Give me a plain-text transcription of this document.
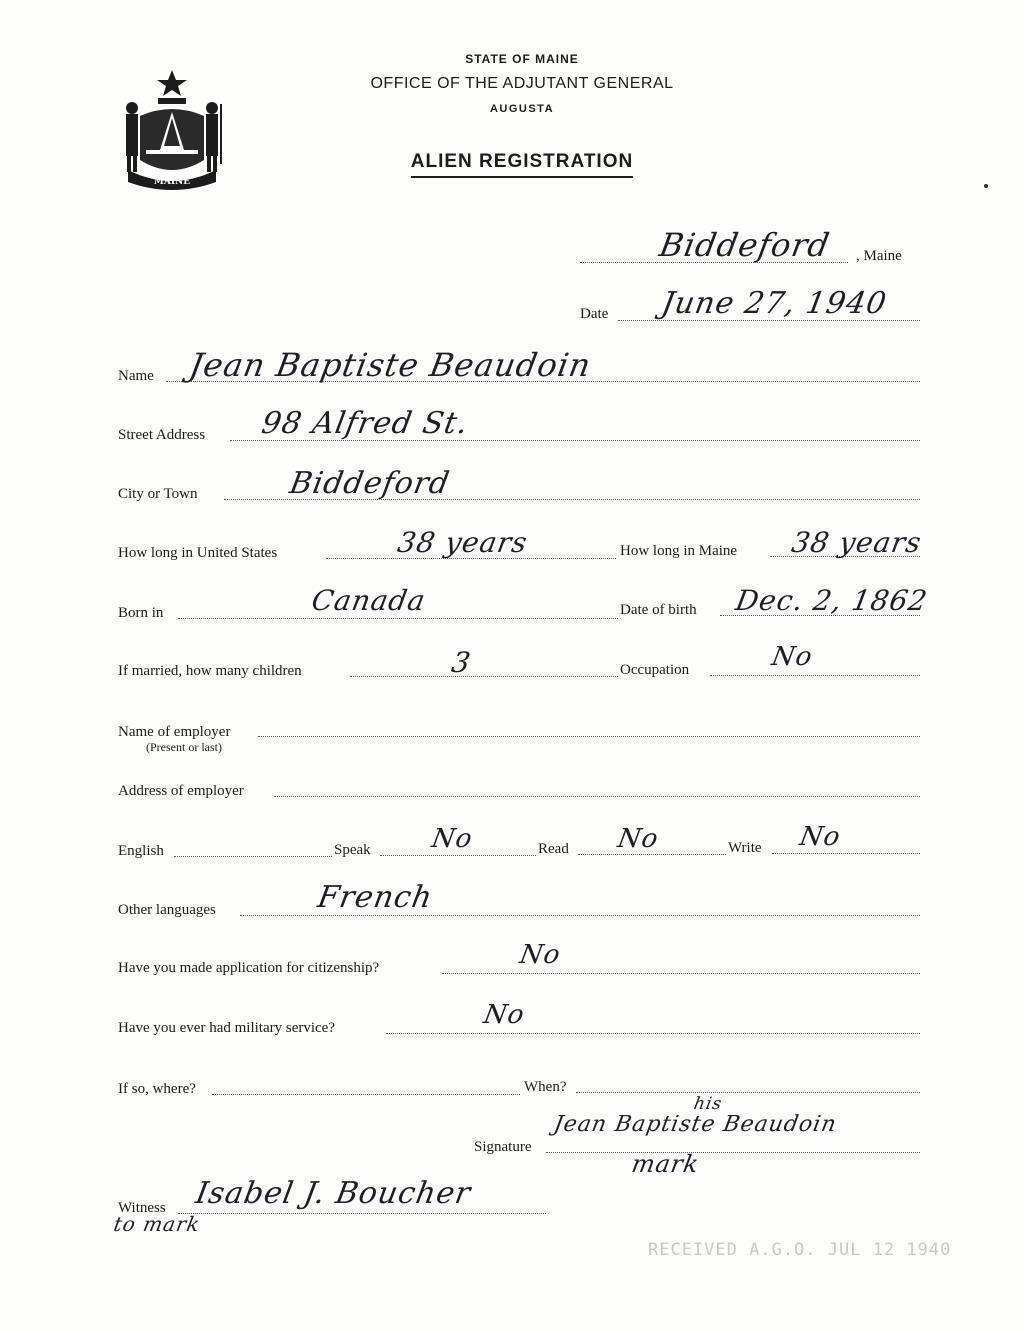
MAINE
STATE OF MAINE
OFFICE OF THE ADJUTANT GENERAL
AUGUSTA
ALIEN REGISTRATION
Biddeford , Maine
Date June 27, 1940
Name Jean Baptiste Beaudoin
Street Address 98 Alfred St.
City or Town	Biddeford
How long in United States	38 years	How long in Maine 38 years
Born in	Canada	Date of birth Dec. 2, 1862
If married, how many children	3	Occupation	No
Name of employer
(Present or last)
Address of employer
English	Speak No	Read No	Write No
Other languages	French
Have you made application for citizenship?	No
Have you ever had military service?	No
If so, where?	When?
Signature
Jean Baptiste Beaudoin
his
mark
Witness Isabel J. Boucher
to mark
RECEIVED A.G.O. JUL 12 1940
